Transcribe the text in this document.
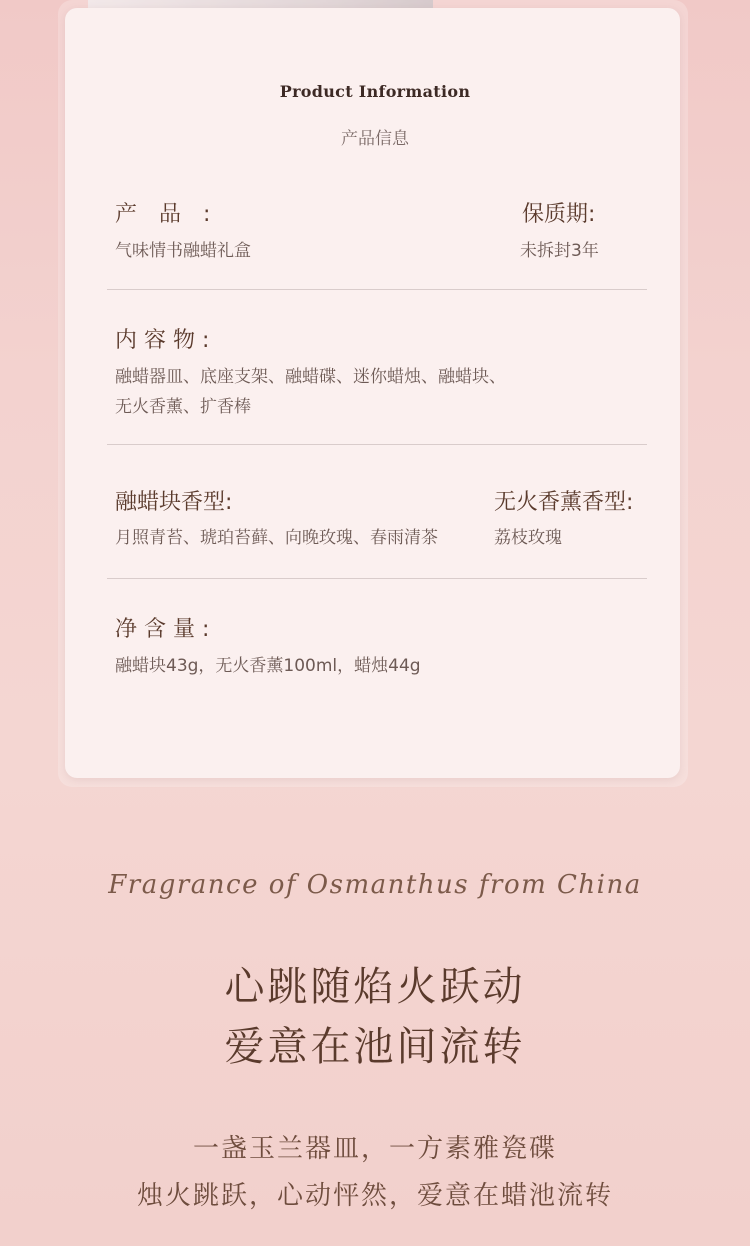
Product Information
产品信息
产　品　:
气味情书融蜡礼盒
保质期:
未拆封3年
内 容 物 :
融蜡器皿、底座支架、融蜡碟、迷你蜡烛、融蜡块、
无火香薰、扩香棒
融蜡块香型:
月照青苔、琥珀苔藓、向晚玫瑰、春雨清茶
无火香薰香型:
荔枝玫瑰
净 含 量 :
融蜡块43g，无火香薰100ml，蜡烛44g
Fragrance of Osmanthus from China
心跳随焰火跃动
爱意在池间流转
一盏玉兰器皿，一方素雅瓷碟
烛火跳跃，心动怦然，爱意在蜡池流转
